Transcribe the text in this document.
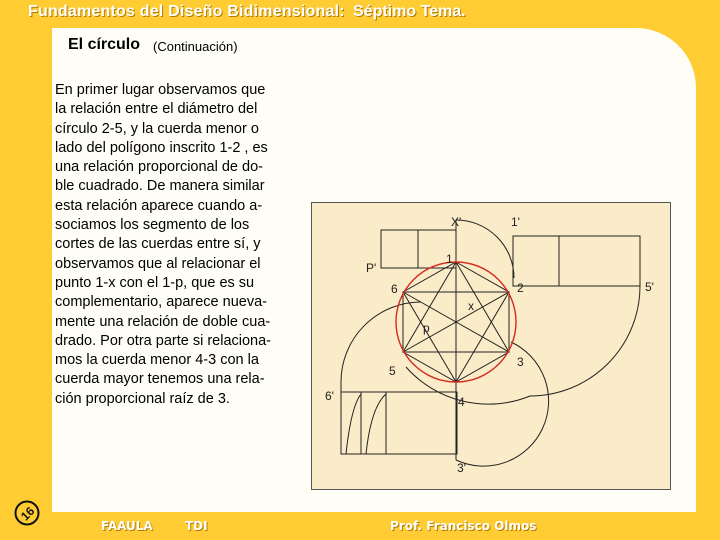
Fundamentos del Diseño Bidimensional: Séptimo Tema.
El círculo (Continuación)
En primer lugar observamos que
la relación entre el diámetro del
círculo 2-5, y la cuerda menor o
lado del polígono inscrito 1-2 , es
una relación proporcional de do-
ble cuadrado. De manera similar
esta relación aparece cuando a-
sociamos los segmento de los
cortes de las cuerdas entre sí, y
observamos que al relacionar el
punto 1-x con el 1-p, que es su
complementario, aparece nueva-
mente una relación de doble cua-
drado. Por otra parte si relaciona-
mos la cuerda menor 4-3 con la
cuerda mayor tenemos una rela-
ción proporcional raíz de 3.
X'	1'
P'
5'
6'
3'
1
2
3
4
5
6
x
p
16
FAAULA	TDI	Prof. Francisco Olmos
